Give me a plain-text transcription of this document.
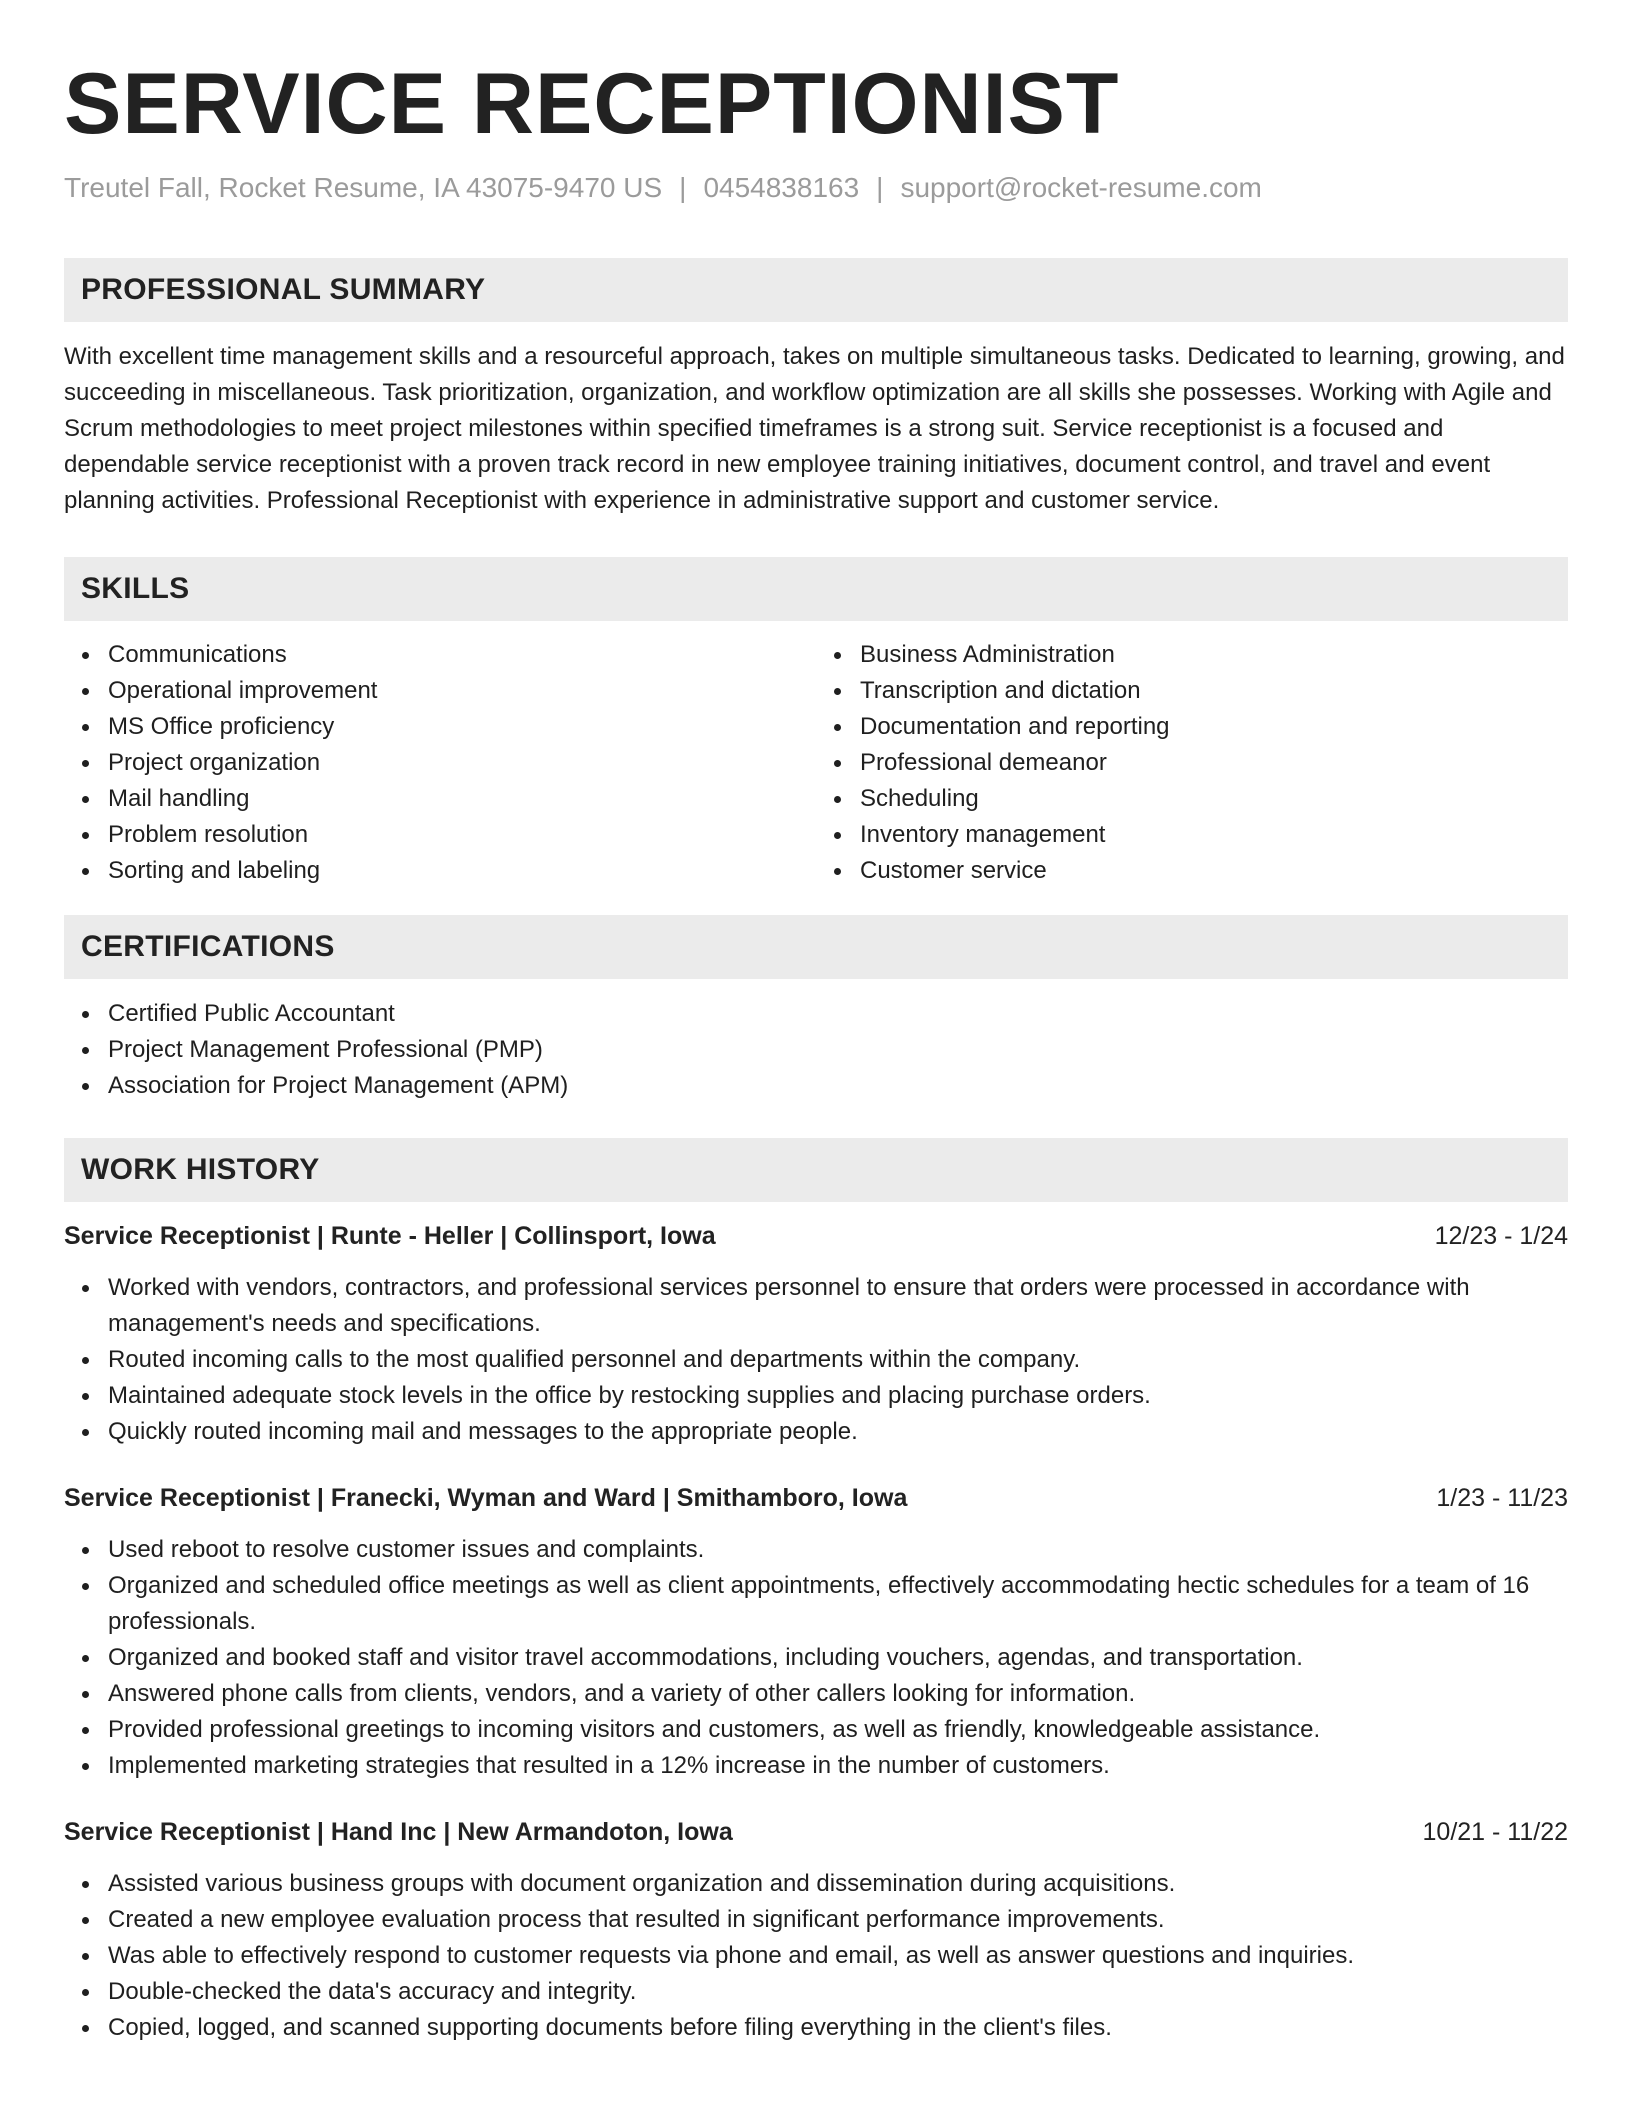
SERVICE RECEPTIONIST
Treutel Fall, Rocket Resume, IA 43075-9470 US | 0454838163 | support@rocket-resume.com
PROFESSIONAL SUMMARY
With excellent time management skills and a resourceful approach, takes on multiple simultaneous tasks. Dedicated to learning, growing, and succeeding in miscellaneous. Task prioritization, organization, and workflow optimization are all skills she possesses. Working with Agile and Scrum methodologies to meet project milestones within specified timeframes is a strong suit. Service receptionist is a focused and dependable service receptionist with a proven track record in new employee training initiatives, document control, and travel and event planning activities. Professional Receptionist with experience in administrative support and customer service.
SKILLS
Communications
Operational improvement
MS Office proficiency
Project organization
Mail handling
Problem resolution
Sorting and labeling
Business Administration
Transcription and dictation
Documentation and reporting
Professional demeanor
Scheduling
Inventory management
Customer service
CERTIFICATIONS
Certified Public Accountant
Project Management Professional (PMP)
Association for Project Management (APM)
WORK HISTORY
Service Receptionist | Runte - Heller | Collinsport, Iowa	12/23 - 1/24
Worked with vendors, contractors, and professional services personnel to ensure that orders were processed in accordance with management's needs and specifications.
Routed incoming calls to the most qualified personnel and departments within the company.
Maintained adequate stock levels in the office by restocking supplies and placing purchase orders.
Quickly routed incoming mail and messages to the appropriate people.
Service Receptionist | Franecki, Wyman and Ward | Smithamboro, Iowa	1/23 - 11/23
Used reboot to resolve customer issues and complaints.
Organized and scheduled office meetings as well as client appointments, effectively accommodating hectic schedules for a team of 16 professionals.
Organized and booked staff and visitor travel accommodations, including vouchers, agendas, and transportation.
Answered phone calls from clients, vendors, and a variety of other callers looking for information.
Provided professional greetings to incoming visitors and customers, as well as friendly, knowledgeable assistance.
Implemented marketing strategies that resulted in a 12% increase in the number of customers.
Service Receptionist | Hand Inc | New Armandoton, Iowa	10/21 - 11/22
Assisted various business groups with document organization and dissemination during acquisitions.
Created a new employee evaluation process that resulted in significant performance improvements.
Was able to effectively respond to customer requests via phone and email, as well as answer questions and inquiries.
Double-checked the data's accuracy and integrity.
Copied, logged, and scanned supporting documents before filing everything in the client's files.
